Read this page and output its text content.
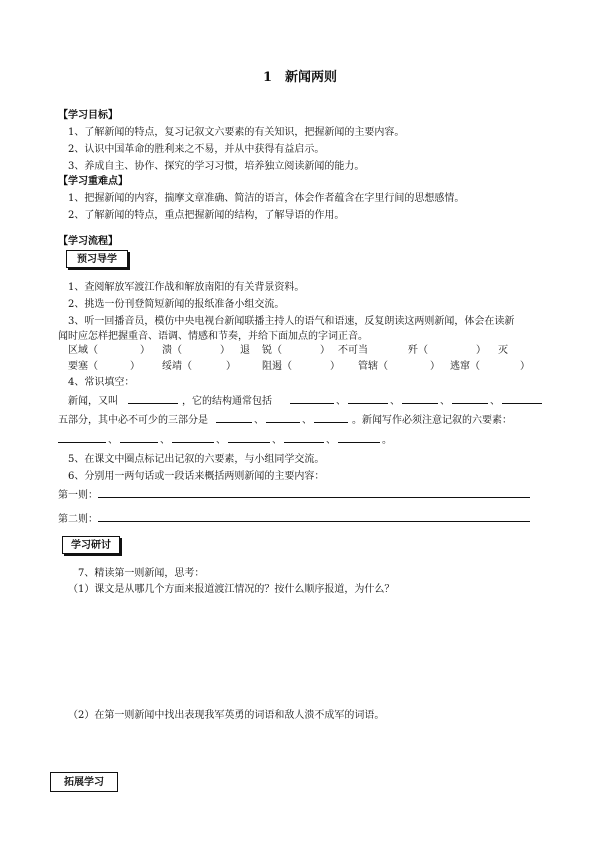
1　新闻两则
【学习目标】
1、了解新闻的特点，复习记叙文六要素的有关知识，把握新闻的主要内容。
2、认识中国革命的胜利来之不易，并从中获得有益启示。
3、养成自主、协作、探究的学习习惯，培养独立阅读新闻的能力。
【学习重难点】
1、把握新闻的内容，揣摩文章准确、简洁的语言，体会作者蕴含在字里行间的思想感情。
2、了解新闻的特点，重点把握新闻的结构，了解导语的作用。
【学习流程】
预习导学
1、查阅解放军渡江作战和解放南阳的有关背景资料。
2、挑选一份刊登简短新闻的报纸准备小组交流。
3、听一回播音员，模仿中央电视台新闻联播主持人的语气和语速，反复朗读这两则新闻，体会在读新
闻时应怎样把握重音、语调、情感和节奏，并给下面加点的字词正音。
区域（	） 溃（	） 退 锐（	） 不可当	歼（	） 灭
要塞（	） 绥靖（	）	阻遏（	） 管辖（	） 逃窜（	）
4、常识填空：
新闻，又叫	，它的结构通常包括	、	、	、	、
五部分，其中必不可少的三部分是	、	、	。新闻写作必须注意记叙的六要素：
、	、	、	、	、	。
5、在课文中圈点标记出记叙的六要素，与小组同学交流。
6、分别用一两句话或一段话来概括两则新闻的主要内容：
第一则：
第二则：
学习研讨
7、精读第一则新闻，思考：
（1）课文是从哪几个方面来报道渡江情况的？按什么顺序报道，为什么？
（2）在第一则新闻中找出表现我军英勇的词语和敌人溃不成军的词语。
拓展学习
